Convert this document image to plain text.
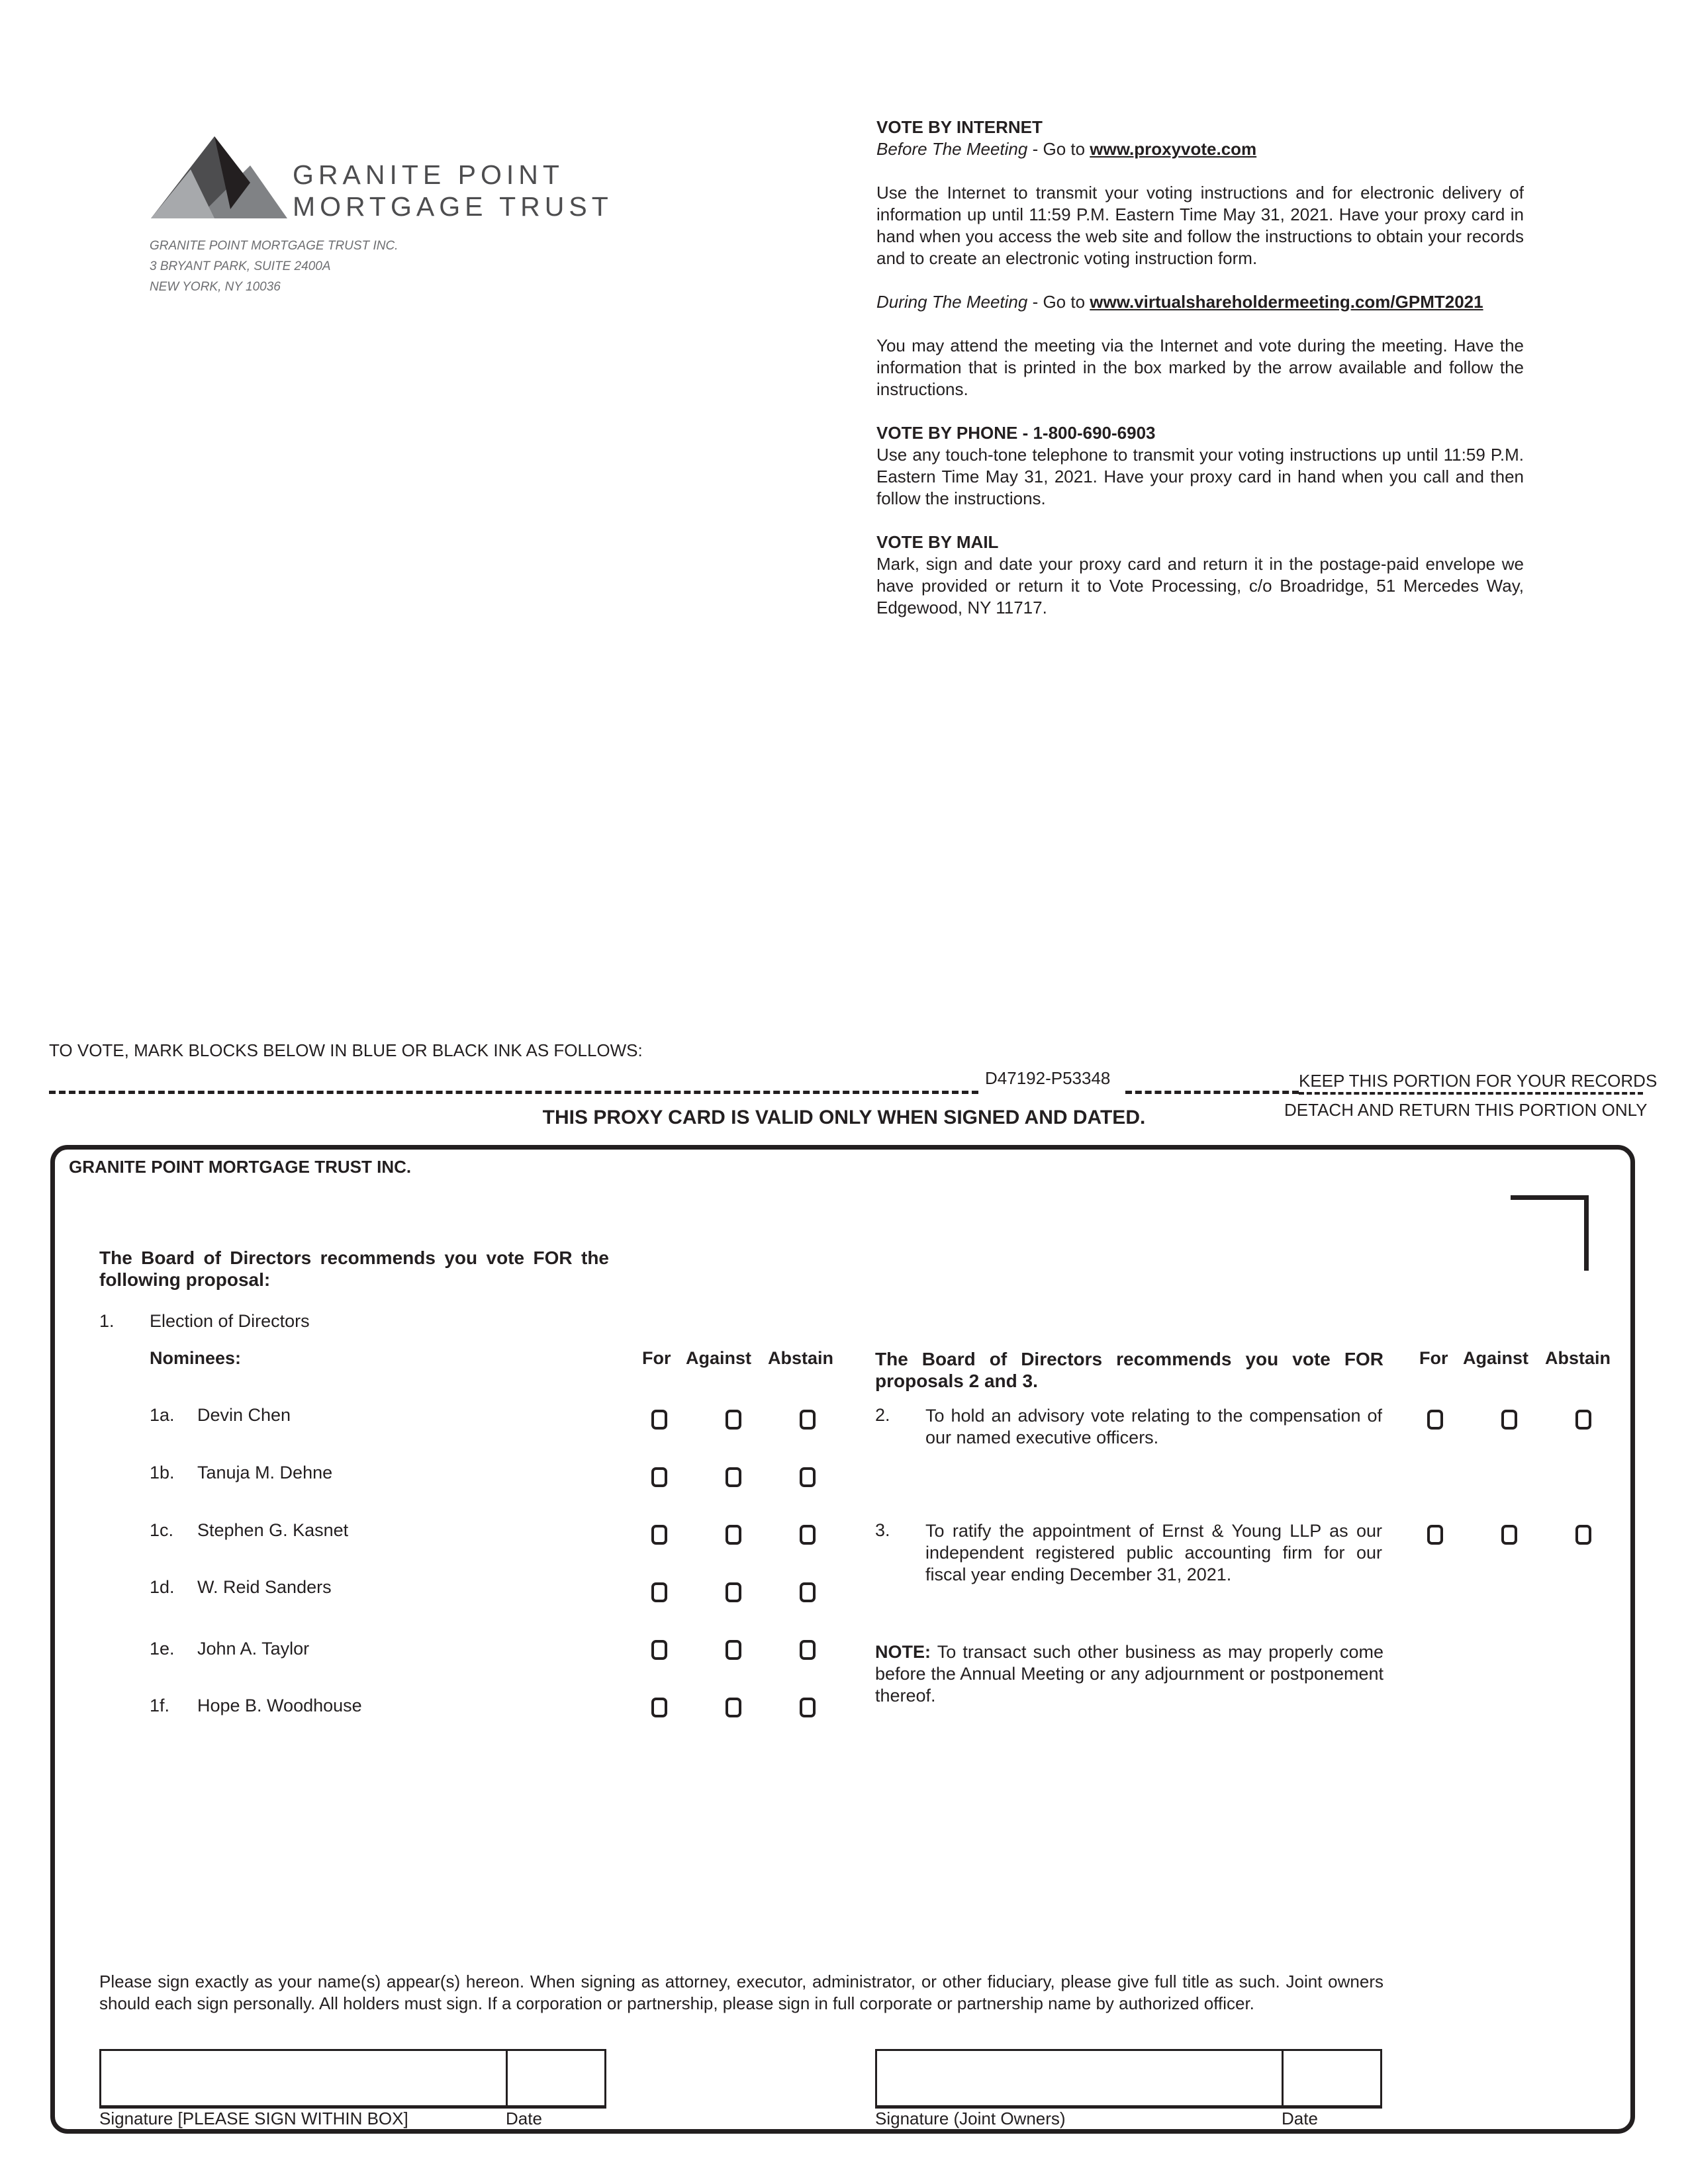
GRANITE POINT
MORTGAGE TRUST
GRANITE POINT MORTGAGE TRUST INC.
3 BRYANT PARK, SUITE 2400A
NEW YORK, NY 10036

VOTE BY INTERNET

Before The Meeting - Go to www.proxyvote.com

Use the Internet to transmit your voting instructions and for electronic delivery of information up until 11:59 P.M. Eastern Time May 31, 2021. Have your proxy card in hand when you access the web site and follow the instructions to obtain your records and to create an electronic voting instruction form.

During The Meeting - Go to www.virtualshareholdermeeting.com/GPMT2021

You may attend the meeting via the Internet and vote during the meeting. Have the information that is printed in the box marked by the arrow available and follow the instructions.

VOTE BY PHONE - 1-800-690-6903

Use any touch-tone telephone to transmit your voting instructions up until 11:59 P.M. Eastern Time May 31, 2021. Have your proxy card in hand when you call and then follow the instructions.

VOTE BY MAIL

Mark, sign and date your proxy card and return it in the postage-paid envelope we have provided or return it to Vote Processing, c/o Broadridge, 51 Mercedes Way, Edgewood, NY 11717.

TO VOTE, MARK BLOCKS BELOW IN BLUE OR BLACK INK AS FOLLOWS:
D47192-P53348	KEEP THIS PORTION FOR YOUR RECORDS
THIS PROXY CARD IS VALID ONLY WHEN SIGNED AND DATED.	DETACH AND RETURN THIS PORTION ONLY
GRANITE POINT MORTGAGE TRUST INC.
The Board of Directors recommends you vote FOR the following proposal:
1. Election of Directors
Nominees:	For Against Abstain
1a. Devin Chen
1b. Tanuja M. Dehne
1c. Stephen G. Kasnet
1d. W. Reid Sanders
1e. John A. Taylor
1f. Hope B. Woodhouse
The Board of Directors recommends you vote FOR proposals 2 and 3.
For Against Abstain
2. To hold an advisory vote relating to the compensation of our named executive officers.
3. To ratify the appointment of Ernst & Young LLP as our independent registered public accounting firm for our fiscal year ending December 31, 2021.
NOTE: To transact such other business as may properly come before the Annual Meeting or any adjournment or postponement thereof.
Please sign exactly as your name(s) appear(s) hereon. When signing as attorney, executor, administrator, or other fiduciary, please give full title as such. Joint owners should each sign personally. All holders must sign. If a corporation or partnership, please sign in full corporate or partnership name by authorized officer.
Signature [PLEASE SIGN WITHIN BOX]	Date	Signature (Joint Owners)	Date
